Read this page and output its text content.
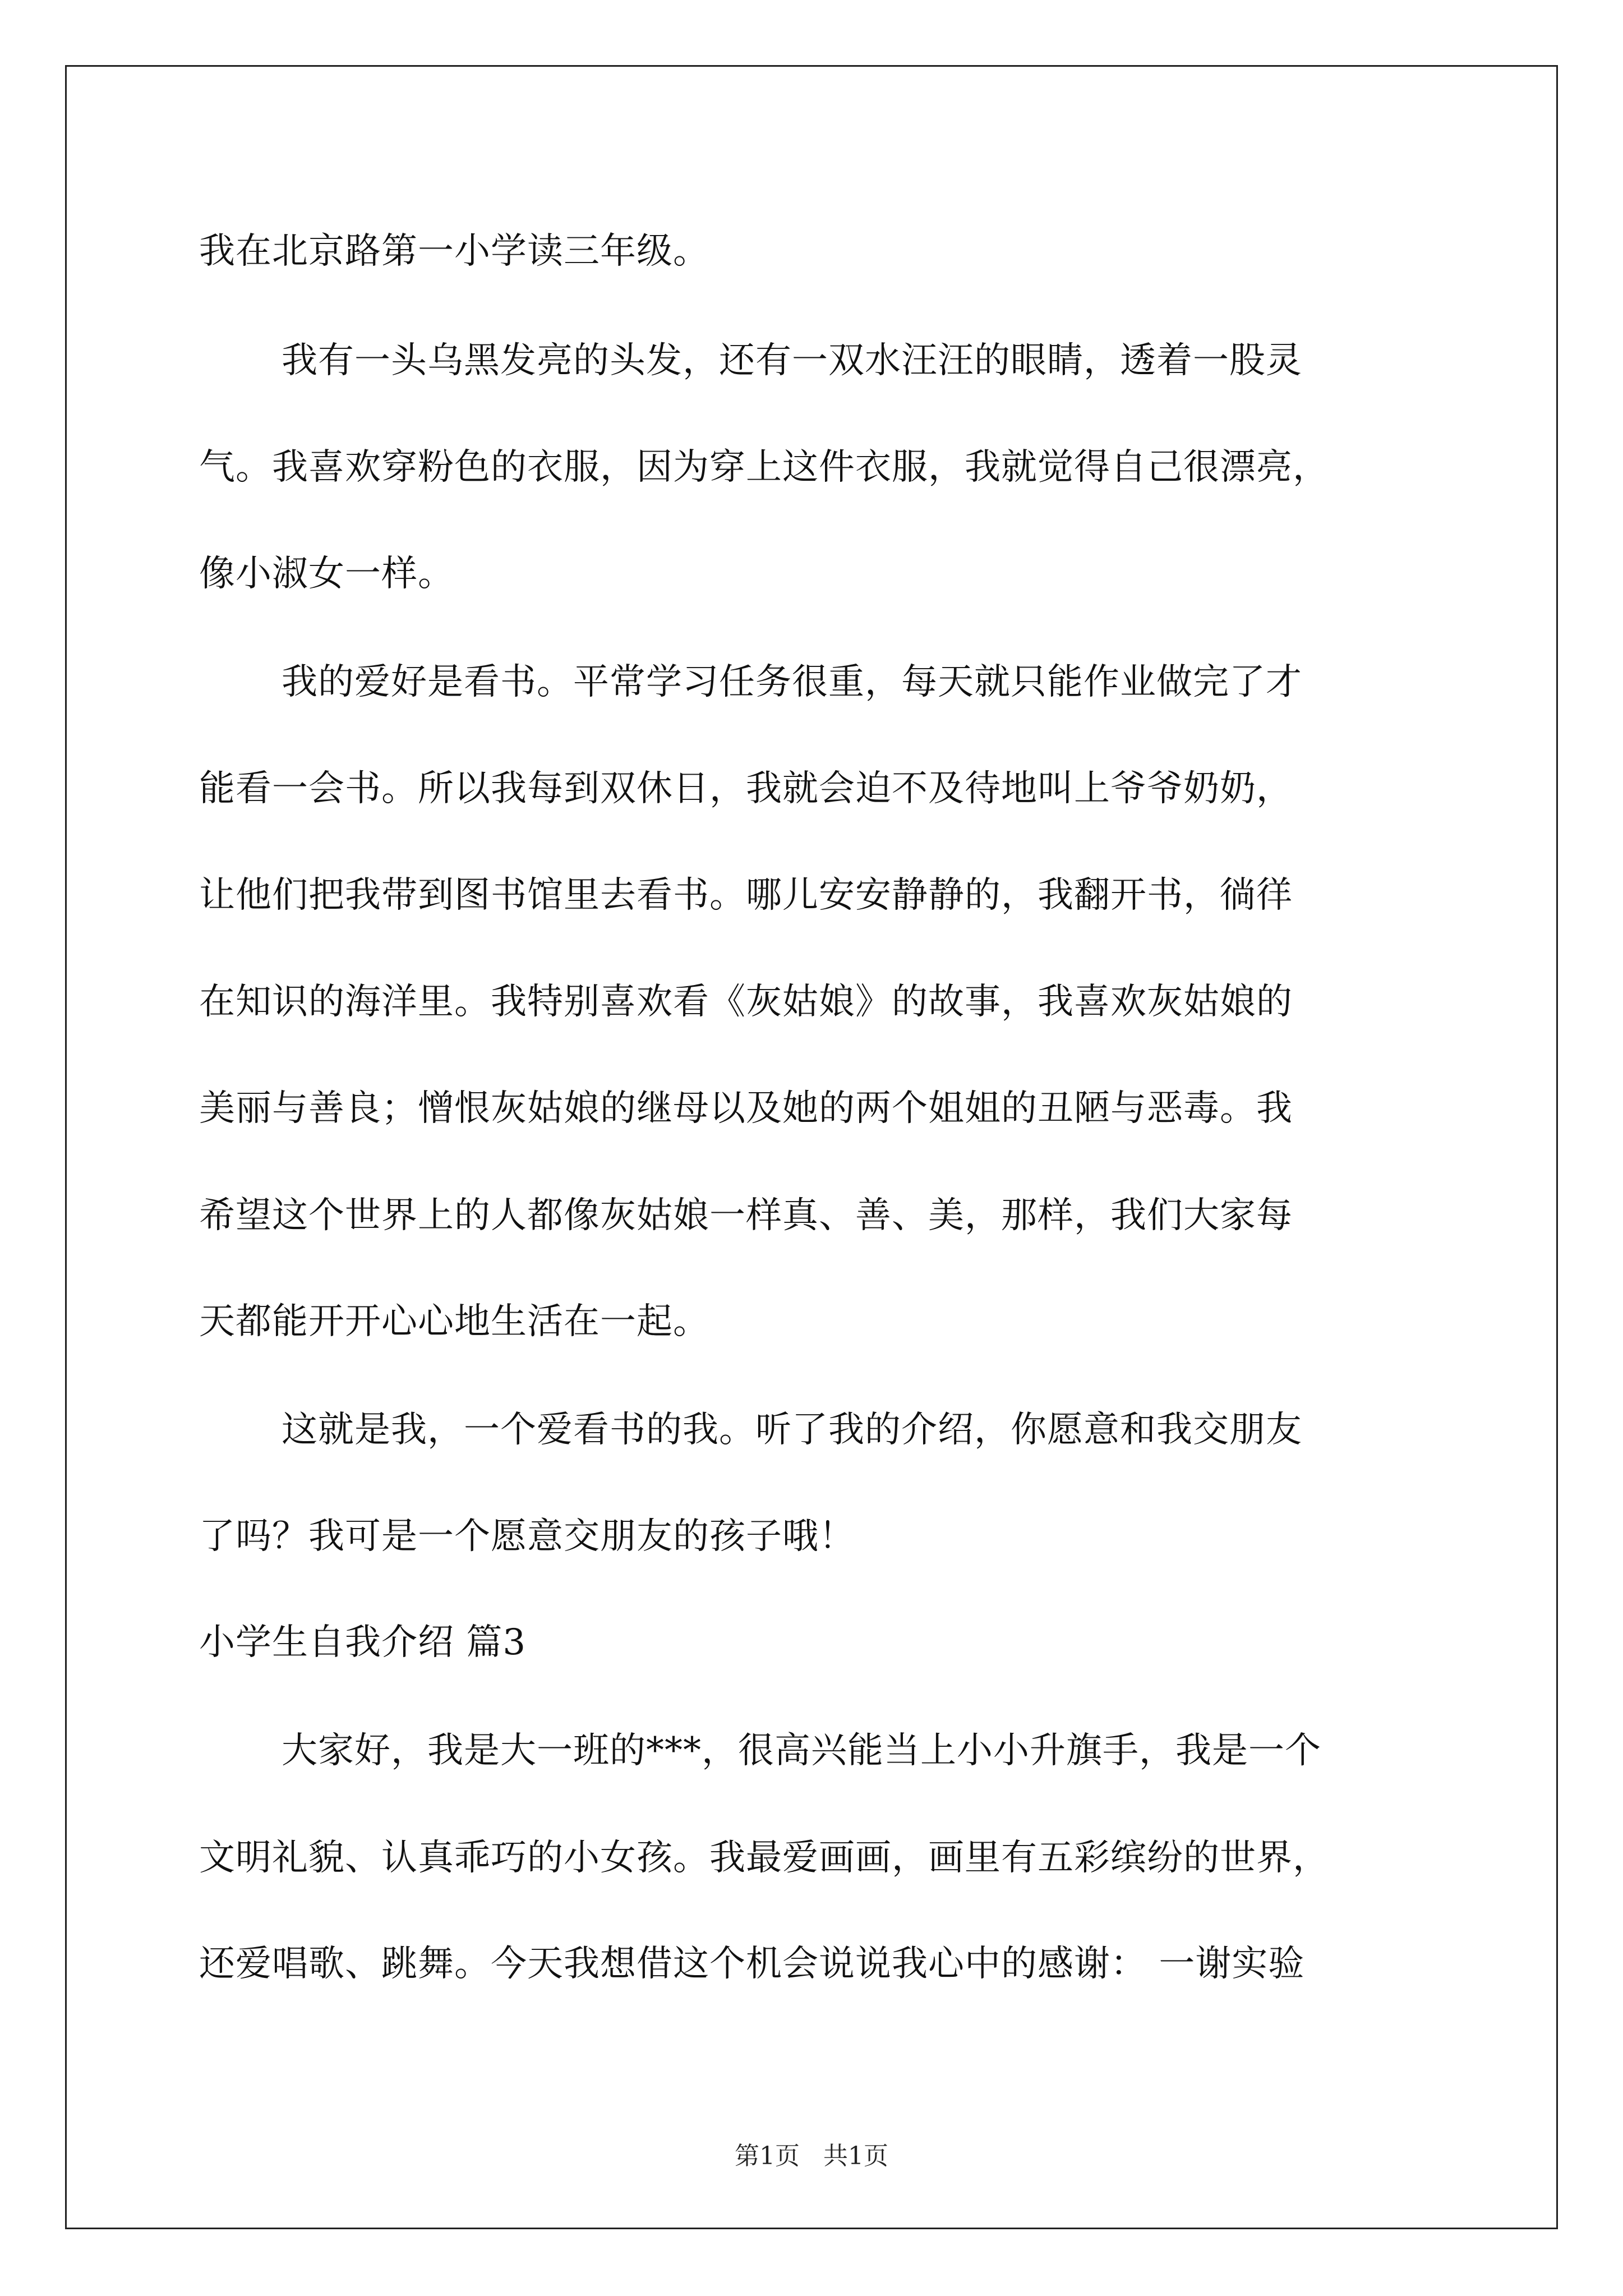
我在北京路第一小学读三年级。
我有一头乌黑发亮的头发，还有一双水汪汪的眼睛，透着一股灵
气。我喜欢穿粉色的衣服，因为穿上这件衣服，我就觉得自己很漂亮，
像小淑女一样。
我的爱好是看书。平常学习任务很重，每天就只能作业做完了才
能看一会书。所以我每到双休日，我就会迫不及待地叫上爷爷奶奶，
让他们把我带到图书馆里去看书。哪儿安安静静的，我翻开书，徜徉
在知识的海洋里。我特别喜欢看《灰姑娘》的故事，我喜欢灰姑娘的
美丽与善良；憎恨灰姑娘的继母以及她的两个姐姐的丑陋与恶毒。我
希望这个世界上的人都像灰姑娘一样真、善、美，那样，我们大家每
天都能开开心心地生活在一起。
这就是我，一个爱看书的我。听了我的介绍，你愿意和我交朋友
了吗？我可是一个愿意交朋友的孩子哦！
小学生自我介绍 篇3
大家好，我是大一班的***，很高兴能当上小小升旗手，我是一个
文明礼貌、认真乖巧的小女孩。我最爱画画，画里有五彩缤纷的世界，
还爱唱歌、跳舞。今天我想借这个机会说说我心中的感谢： 一谢实验
第1页   共1页
